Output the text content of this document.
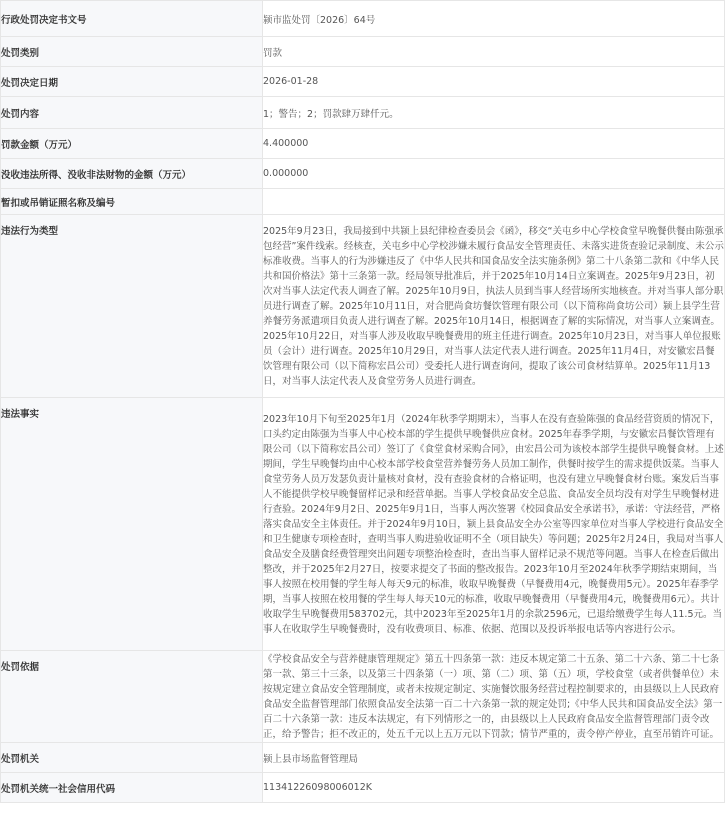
行政处罚决定书文号	颍市监处罚〔2026〕64号
处罚类别	罚款
处罚决定日期	2026-01-28
处罚内容	1；警告；2；罚款肆万肆仟元。
罚款金额（万元）	4.400000
没收违法所得、没收非法财物的金额（万元）	0.000000
暂扣或吊销证照名称及编号	
违法行为类型	2025年9月23日，我局接到中共颍上县纪律检查委员会《函》，移交“关屯乡中心学校食堂早晚餐供餐由陈强承包经营”案件线索。经核查，关屯乡中心学校涉嫌未履行食品安全管理责任、未落实进货查验记录制度、未公示标准收费。当事人的行为涉嫌违反了《中华人民共和国食品安全法实施条例》第二十八条第二款和《中华人民共和国价格法》第十三条第一款。经局领导批准后，并于2025年10月14日立案调查。2025年9月23日，初次对当事人法定代表人调查了解。2025年10月9日，执法人员到当事人经营场所实地核查。并对当事人部分职员进行调查了解。2025年10月11日，对合肥尚食坊餐饮管理有限公司（以下简称尚食坊公司）颍上县学生营养餐劳务派遣项目负责人进行调查了解。2025年10月14日，根据调查了解的实际情况，对当事人立案调查。2025年10月22日，对当事人涉及收取早晚餐费用的班主任进行调查。2025年10月23日，对当事人单位报账员（会计）进行调查。2025年10月29日，对当事人法定代表人进行调查。2025年11月4日，对安徽宏昌餐饮管理有限公司（以下简称宏昌公司）受委托人进行调查询问，提取了该公司食材结算单。2025年11月13日，对当事人法定代表人及食堂劳务人员进行调查。
违法事实	2023年10月下旬至2025年1月（2024年秋季学期期末），当事人在没有查验陈强的食品经营资质的情况下，口头约定由陈强为当事人中心校本部的学生提供早晚餐供应食材。2025年春季学期，与安徽宏昌餐饮管理有限公司（以下简称宏昌公司）签订了《食堂食材采购合同》，由宏昌公司为该校本部学生提供早晚餐食材。上述期间，学生早晚餐均由中心校本部学校食堂营养餐劳务人员加工制作，供餐时按学生的需求提供饭菜。当事人食堂劳务人员万发瑟负责计量核对食材，没有查验食材的合格证明，也没有建立早晚餐食材台账。案发后当事人不能提供学校早晚餐留样记录和经营单据。当事人学校食品安全总监、食品安全员均没有对学生早晚餐材进行查验。2024年9月2日、2025年9月1日，当事人两次签署《校园食品安全承诺书》，承诺：守法经营，严格落实食品安全主体责任。并于2024年9月10日，颍上县食品安全办公室等四家单位对当事人学校进行食品安全和卫生健康专项检查时，查明当事人购进验收证明不全（项目缺失）等问题；2025年2月24日，我局对当事人食品安全及膳食经费管理突出问题专项整治检查时，查出当事人留样记录不规范等问题。当事人在检查后做出整改，并于2025年2月27日，按要求提交了书面的整改报告。2023年10月至2024年秋季学期结束期间，当事人按照在校用餐的学生每人每天9元的标准，收取早晚餐费（早餐费用4元，晚餐费用5元）。2025年春季学期，当事人按照在校用餐的学生每人每天10元的标准，收取早晚餐费用（早餐费用4元，晚餐费用6元）。共计收取学生早晚餐费用583702元，其中2023年至2025年1月的余款2596元，已退给缴费学生每人11.5元。当事人在收取学生早晚餐费时，没有收费项目、标准、依据、范围以及投诉举报电话等内容进行公示。
处罚依据	《学校食品安全与营养健康管理规定》第五十四条第一款：违反本规定第二十五条、第二十六条、第二十七条第一款、第三十三条，以及第三十四条第（一）项、第（二）项、第（五）项，学校食堂（或者供餐单位）未按规定建立食品安全管理制度，或者未按规定制定、实施餐饮服务经营过程控制要求的，由县级以上人民政府食品安全监督管理部门依照食品安全法第一百二十六条第一款的规定处罚;《中华人民共和国食品安全法》第一百二十六条第一款：违反本法规定，有下列情形之一的，由县级以上人民政府食品安全监督管理部门责令改正，给予警告；拒不改正的，处五千元以上五万元以下罚款；情节严重的，责令停产停业，直至吊销许可证。
处罚机关	颍上县市场监督管理局
处罚机关统一社会信用代码	11341226098006012K
